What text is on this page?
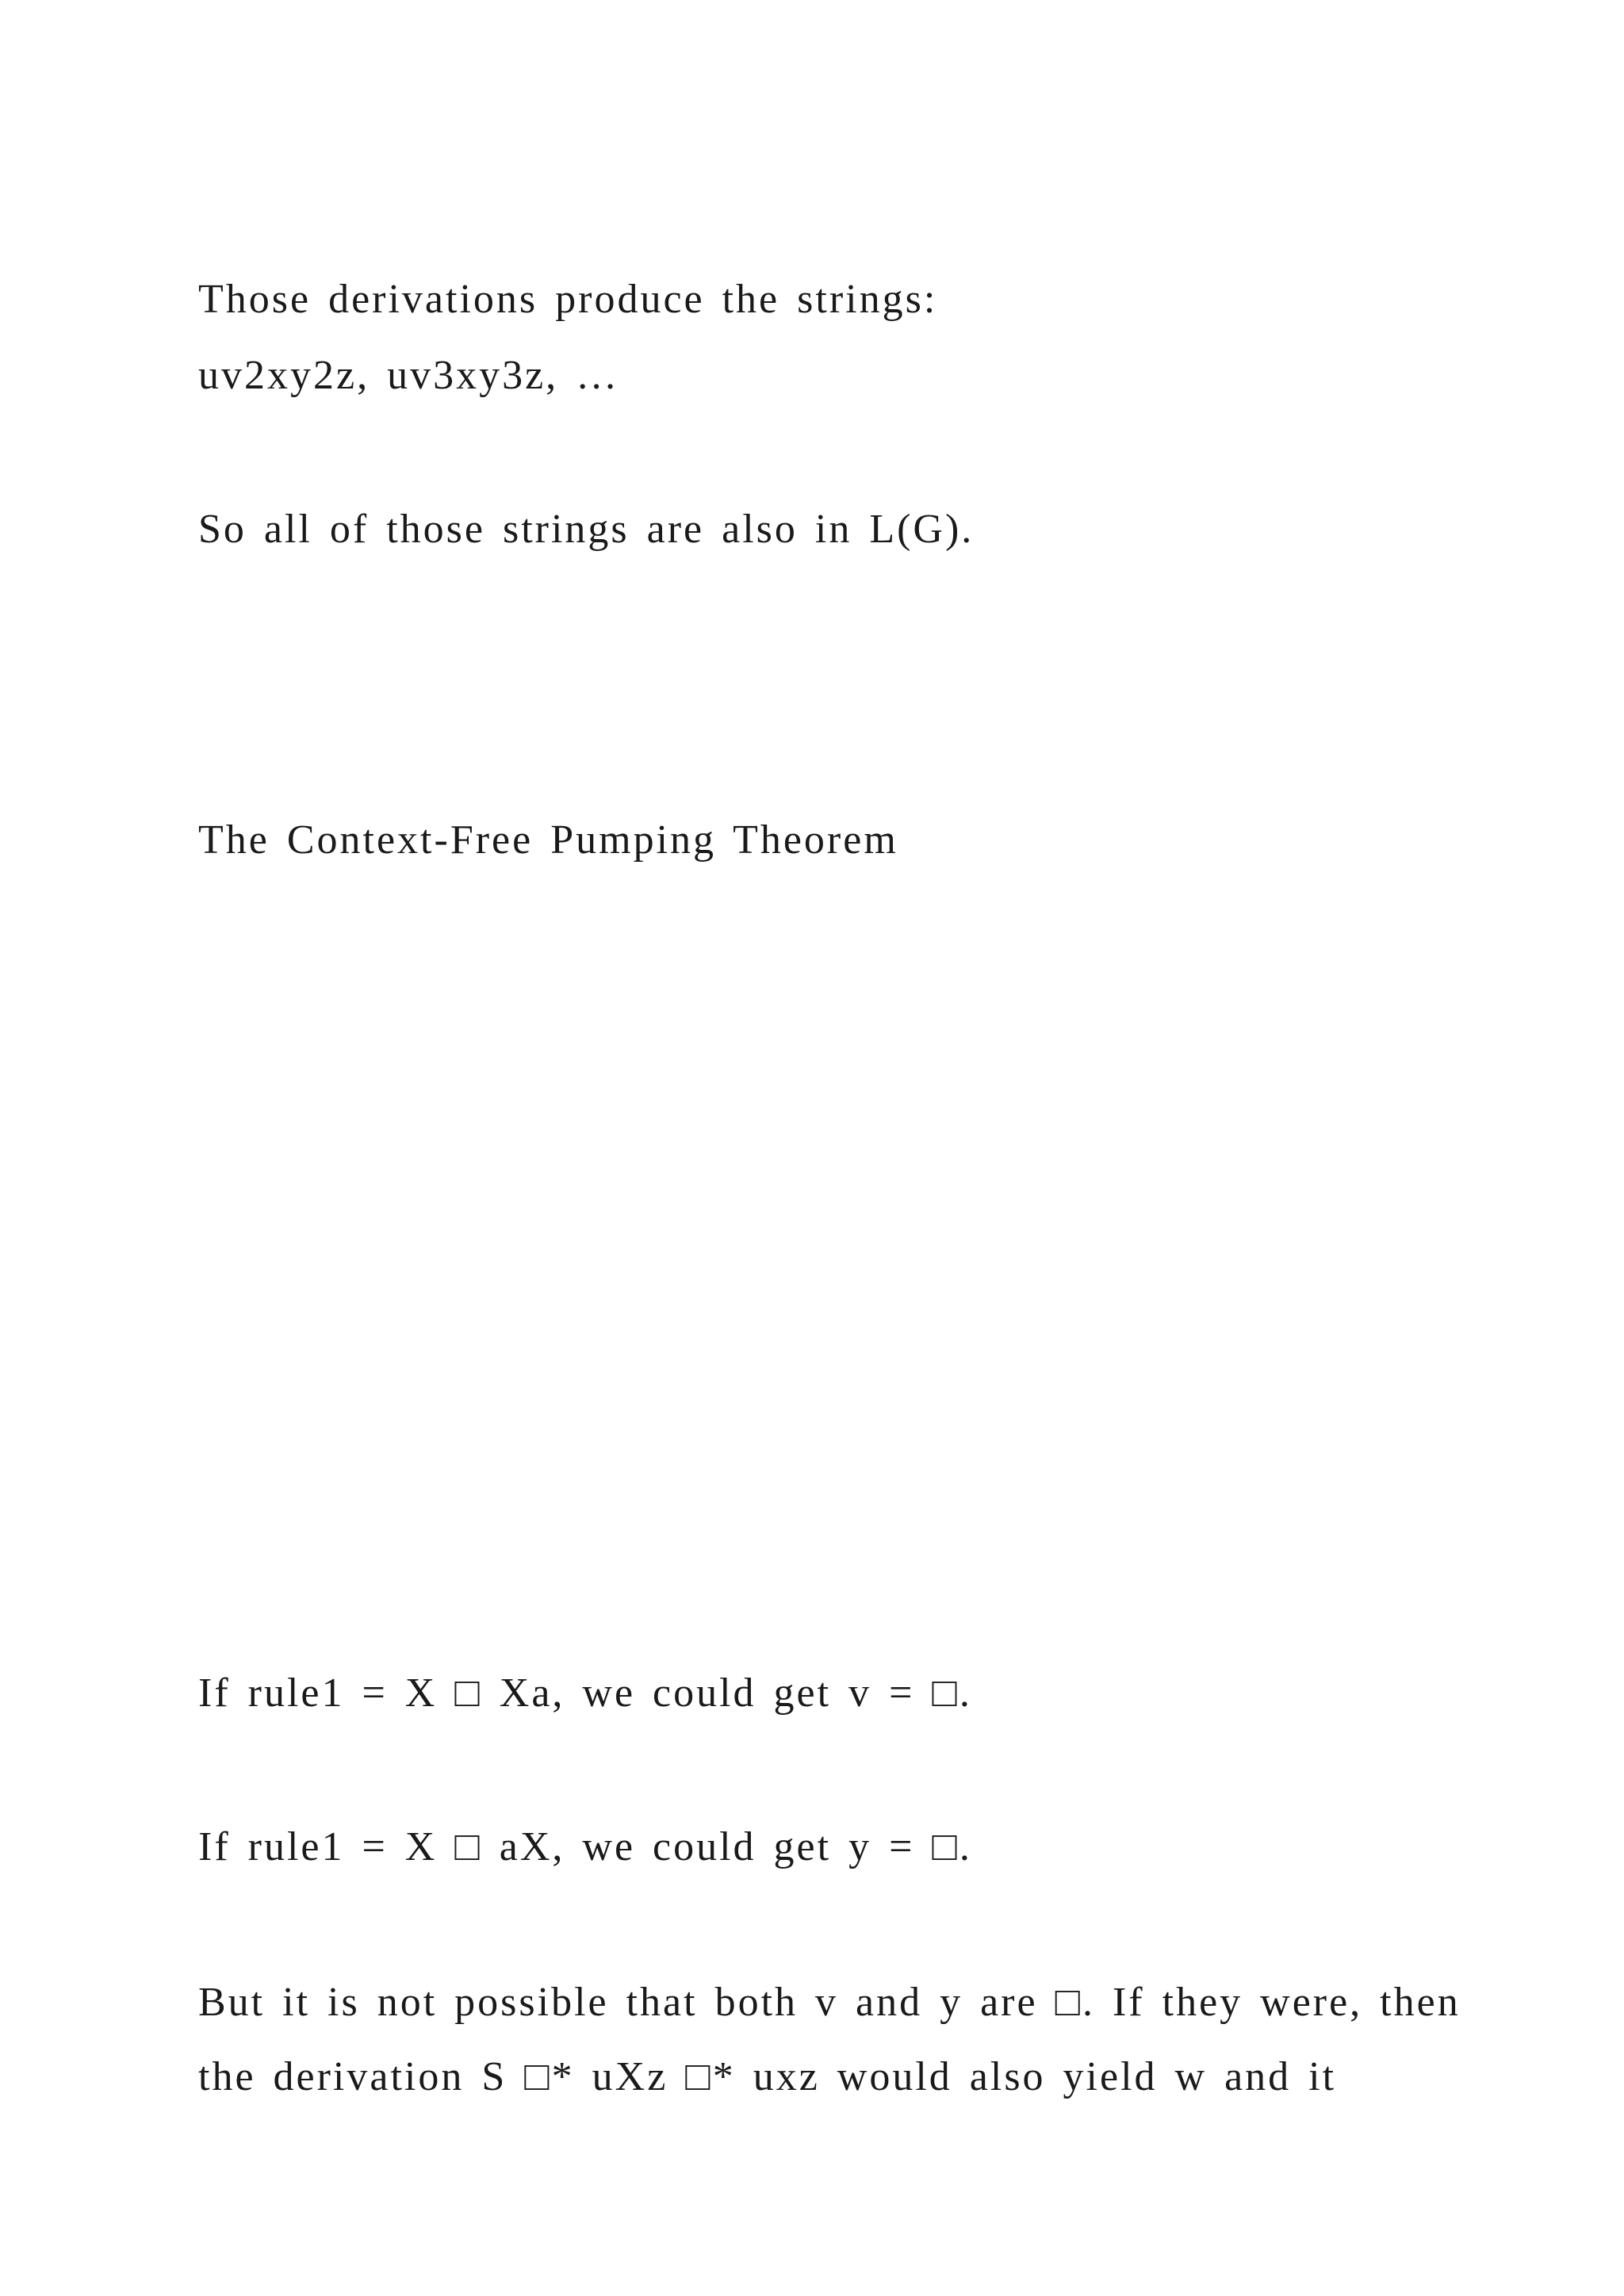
Those derivations produce the strings:
uv2xy2z, uv3xy3z, …
So all of those strings are also in L(G).
The Context-Free Pumping Theorem
If rule1 = X □ Xa, we could get v = □.
If rule1 = X □ aX, we could get y = □.
But it is not possible that both v and y are □. If they were, then
the derivation S □* uXz □* uxz would also yield w and it
